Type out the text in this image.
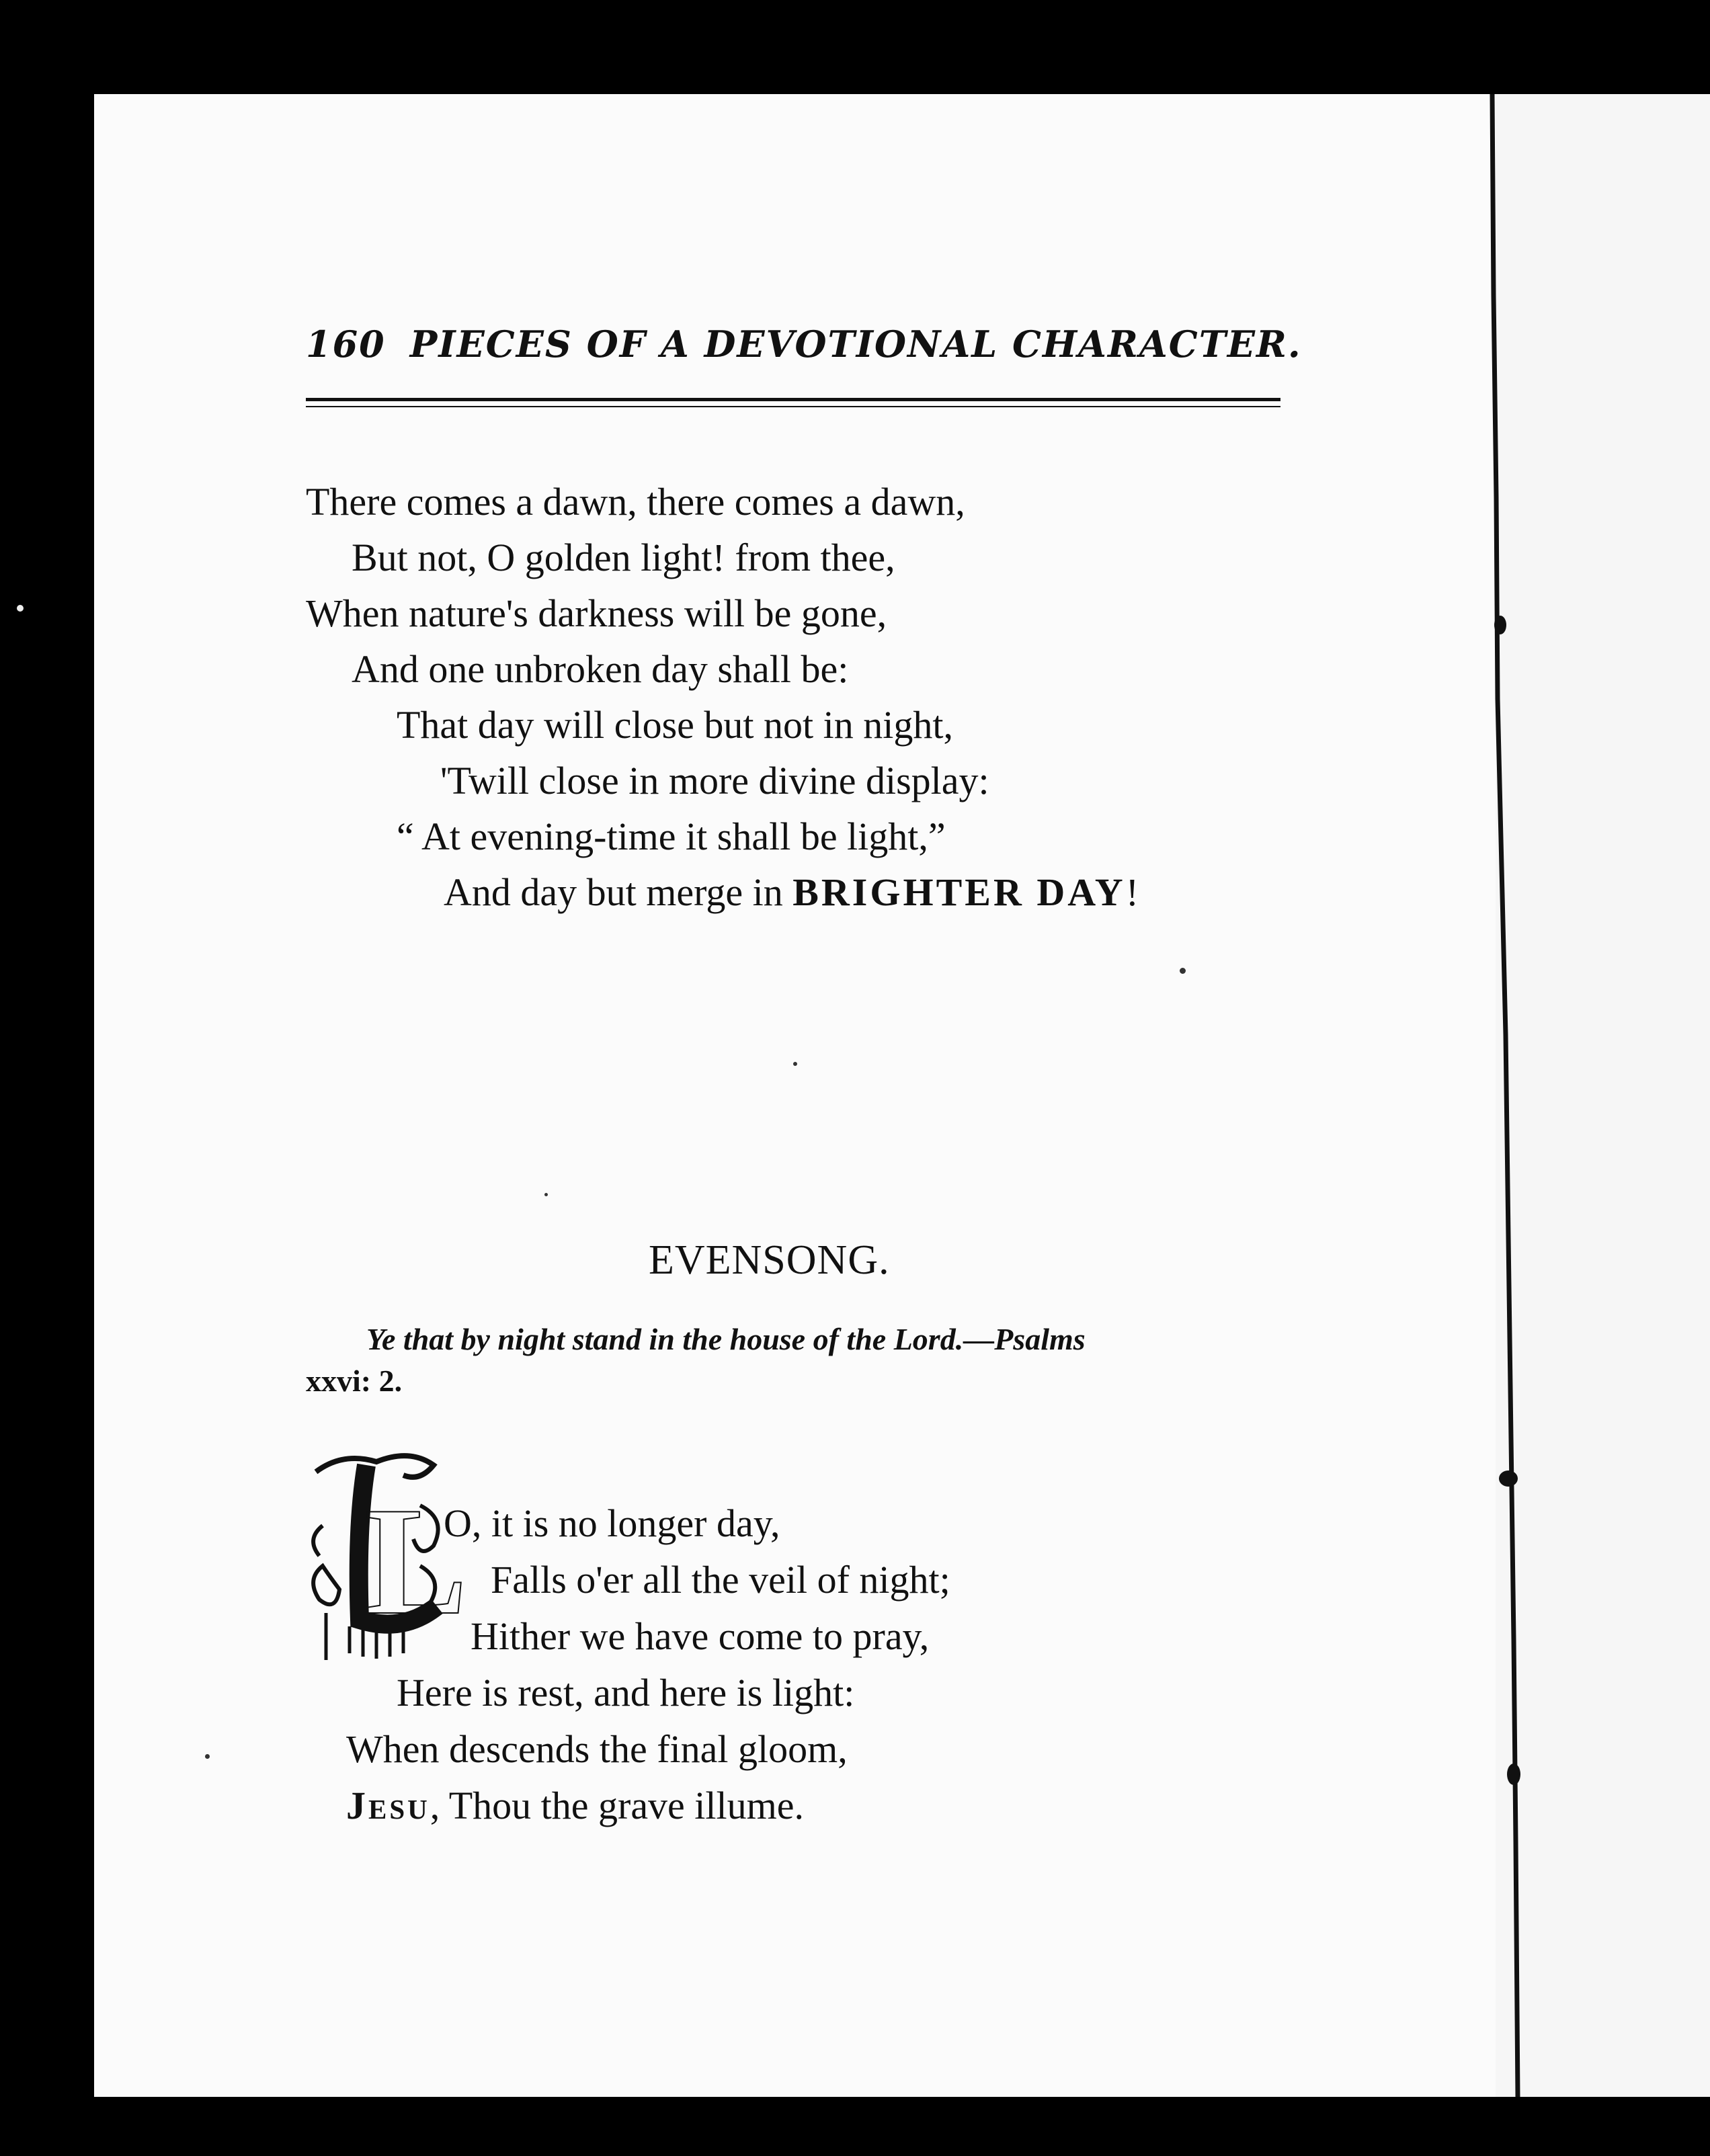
160 PIECES OF A DEVOTIONAL CHARACTER.
There comes a dawn, there comes a dawn,
But not, O golden light! from thee,
When nature's darkness will be gone,
And one unbroken day shall be:
That day will close but not in night,
'Twill close in more divine display:
“ At evening-time it shall be light,”
And day but merge in BRIGHTER DAY!
EVENSONG.
Ye that by night stand in the house of the Lord.—Psalms
xxvi: 2.
L
O, it is no longer day,
Falls o'er all the veil of night;
Hither we have come to pray,
Here is rest, and here is light:
When descends the final gloom,
Jesu, Thou the grave illume.
